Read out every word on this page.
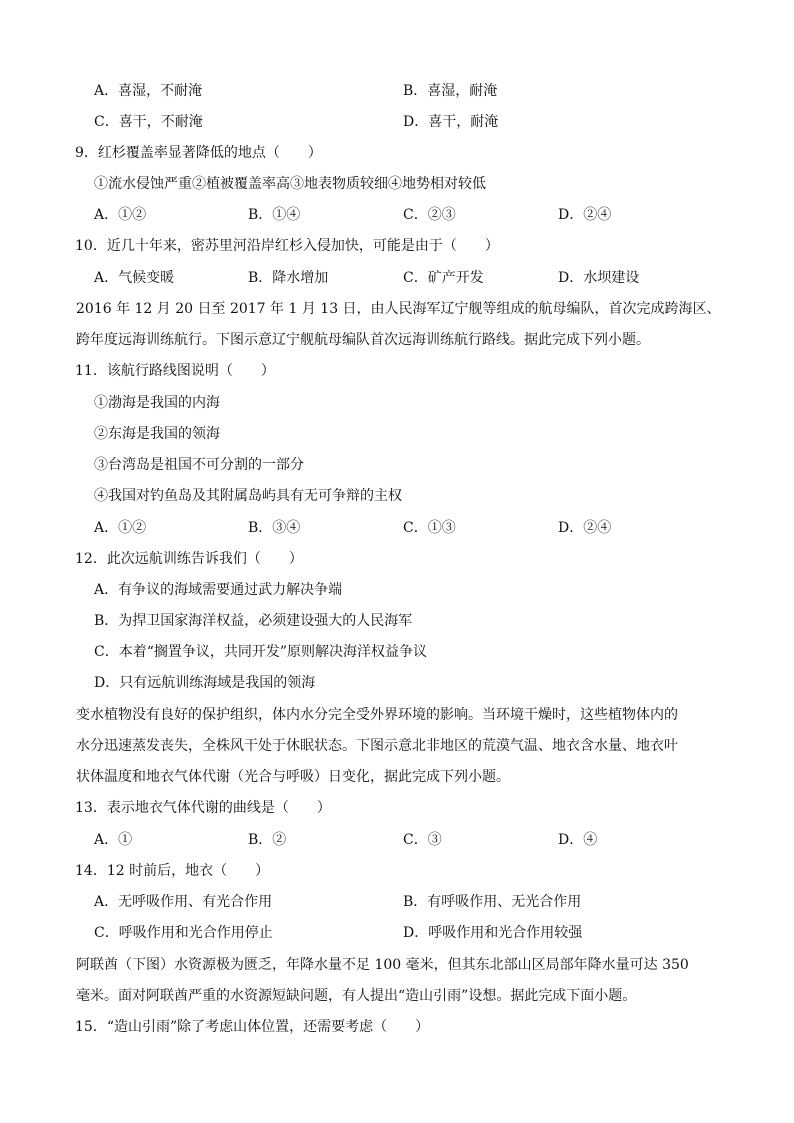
A．喜湿，不耐淹	B．喜湿，耐淹
C．喜干，不耐淹	D．喜干，耐淹
9．红杉覆盖率显著降低的地点（　　）
①流水侵蚀严重②植被覆盖率高③地表物质较细④地势相对较低
A．①②	B．①④	C．②③	D．②④
10．近几十年来，密苏里河沿岸红杉入侵加快，可能是由于（　　）
A．气候变暖	B．降水增加	C．矿产开发	D．水坝建设
2016 年 12 月 20 日至 2017 年 1 月 13 日，由人民海军辽宁舰等组成的航母编队，首次完成跨海区、
跨年度远海训练航行。下图示意辽宁舰航母编队首次远海训练航行路线。据此完成下列小题。
11．该航行路线图说明（　　）
①渤海是我国的内海
②东海是我国的领海
③台湾岛是祖国不可分割的一部分
④我国对钓鱼岛及其附属岛屿具有无可争辩的主权
A．①②	B．③④	C．①③	D．②④
12．此次远航训练告诉我们（　　）
A．有争议的海域需要通过武力解决争端
B．为捍卫国家海洋权益，必须建设强大的人民海军
C．本着“搁置争议，共同开发”原则解决海洋权益争议
D．只有远航训练海域是我国的领海
变水植物没有良好的保护组织，体内水分完全受外界环境的影响。当环境干燥时，这些植物体内的
水分迅速蒸发丧失，全株风干处于休眠状态。下图示意北非地区的荒漠气温、地衣含水量、地衣叶
状体温度和地衣气体代谢（光合与呼吸）日变化，据此完成下列小题。
13．表示地衣气体代谢的曲线是（　　）
A．①	B．②	C．③	D．④
14．12 时前后，地衣（　　）
A．无呼吸作用、有光合作用	B．有呼吸作用、无光合作用
C．呼吸作用和光合作用停止	D．呼吸作用和光合作用较强
阿联酋（下图）水资源极为匮乏，年降水量不足 100 毫米，但其东北部山区局部年降水量可达 350
毫米。面对阿联酋严重的水资源短缺问题，有人提出“造山引雨”设想。据此完成下面小题。
15．“造山引雨”除了考虑山体位置，还需要考虑（　　）
